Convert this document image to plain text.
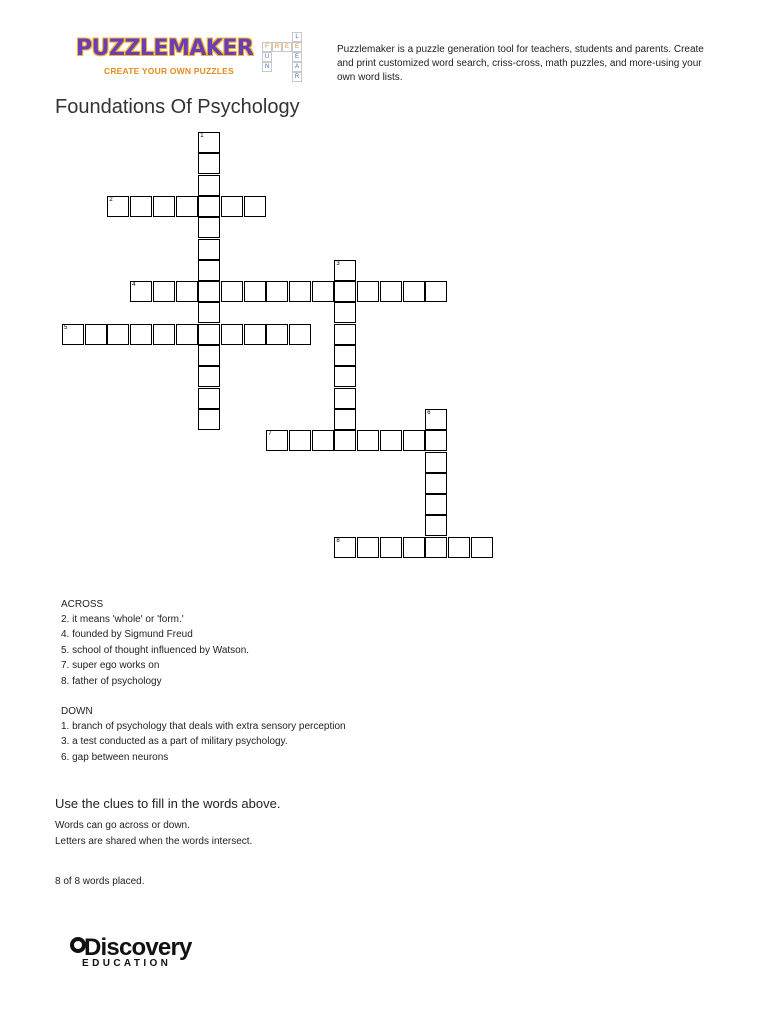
PUZZLEMAKER
CREATE YOUR OWN PUZZLES
F	R E E
U
N
L
E
A
R
Puzzlemaker is a puzzle generation tool for teachers, students and parents. Create and print customized word search, criss-cross, math puzzles, and more-using your own word lists.
Foundations Of Psychology
1
2
3
4
5
6
7
8
ACROSS
2. it means 'whole' or 'form.'
4. founded by Sigmund Freud
5. school of thought influenced by Watson.
7. super ego works on
8. father of psychology
DOWN
1. branch of psychology that deals with extra sensory perception
3. a test conducted as a part of military psychology.
6. gap between neurons
Use the clues to fill in the words above.
Words can go across or down.
Letters are shared when the words intersect.
8 of 8 words placed.
Discovery
EDUCATION
